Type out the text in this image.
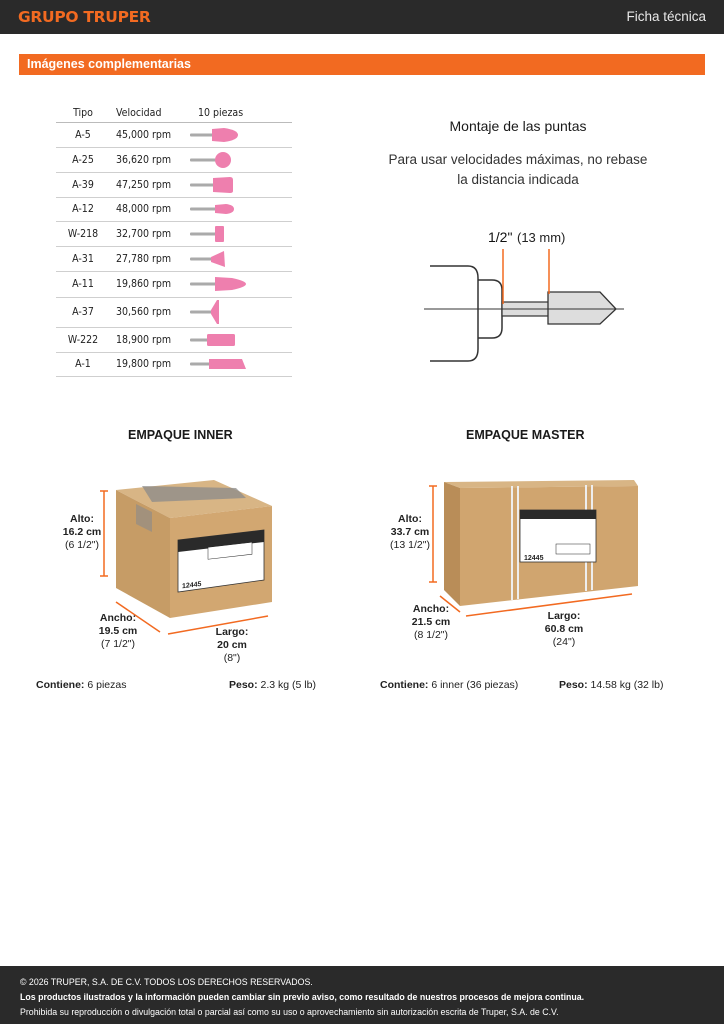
GRUPO TRUPER	Ficha técnica
Imágenes complementarias
Tipo	Velocidad	10 piezas
A-5	45,000 rpm	

A-25	36,620 rpm	

A-39	47,250 rpm	

A-12	48,000 rpm	

W-218	32,700 rpm	

A-31	27,780 rpm	

A-11	19,860 rpm	

A-37	30,560 rpm	

W-222	18,900 rpm	

A-1	19,800 rpm	
Montaje de las puntas
Para usar velocidades máximas, no rebase
la distancia indicada
1/2" (13 mm)
EMPAQUE INNER
12445
Alto:
16.2 cm
(6 1/2")
Ancho:
19.5 cm
(7 1/2")
Largo:
20 cm
(8")
Contiene: 6 piezas	Peso: 2.3 kg (5 lb)
EMPAQUE MASTER
12445
Alto:
33.7 cm
(13 1/2")
Ancho:
21.5 cm
(8 1/2")
Largo:
60.8 cm
(24")
Contiene: 6 inner (36 piezas)	Peso: 14.58 kg (32 lb)
© 2026 TRUPER, S.A. DE C.V. TODOS LOS DERECHOS RESERVADOS.
Los productos ilustrados y la información pueden cambiar sin previo aviso, como resultado de nuestros procesos de mejora continua.
Prohibida su reproducción o divulgación total o parcial así como su uso o aprovechamiento sin autorización escrita de Truper, S.A. de C.V.
